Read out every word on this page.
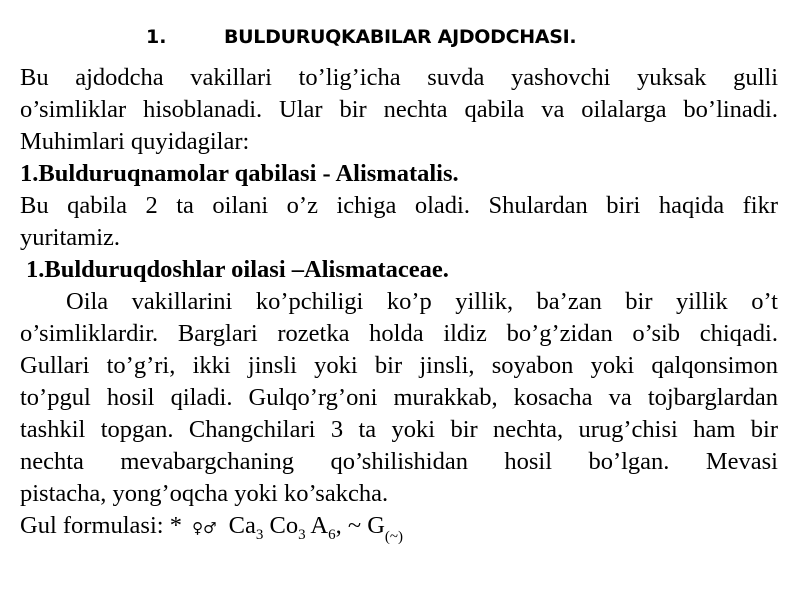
1.	BULDURUQKABILAR AJDODCHASI.

Bu ajdodcha vakillari to’lig’icha suvda yashovchi yuksak gulli

o’simliklar hisoblanadi. Ular bir nechta qabila va oilalarga bo’linadi.

Muhimlari quyidagilar:

1.Bulduruqnamolar qabilasi - Alismatalis.

Bu qabila 2 ta oilani o’z ichiga oladi. Shulardan biri haqida fikr

yuritamiz.

1.Bulduruqdoshlar oilasi –Alismataceae.

Oila vakillarini ko’pchiligi ko’p yillik, ba’zan bir yillik o’t

o’simliklardir. Barglari rozetka holda ildiz bo’g’zidan o’sib chiqadi.

Gullari to’g’ri, ikki jinsli yoki bir jinsli, soyabon yoki qalqonsimon

to’pgul hosil qiladi. Gulqo’rg’oni murakkab, kosacha va tojbarglardan

tashkil topgan. Changchilari 3 ta yoki bir nechta, urug’chisi ham bir

nechta mevabargchaning qo’shilishidan hosil bo’lgan. Mevasi

pistacha, yong’oqcha yoki ko’sakcha.

Gul formulasi: * ♀♂ $Ca_3$ $Co_3$ $A_6$, ~ $G_{(\sim)}$
